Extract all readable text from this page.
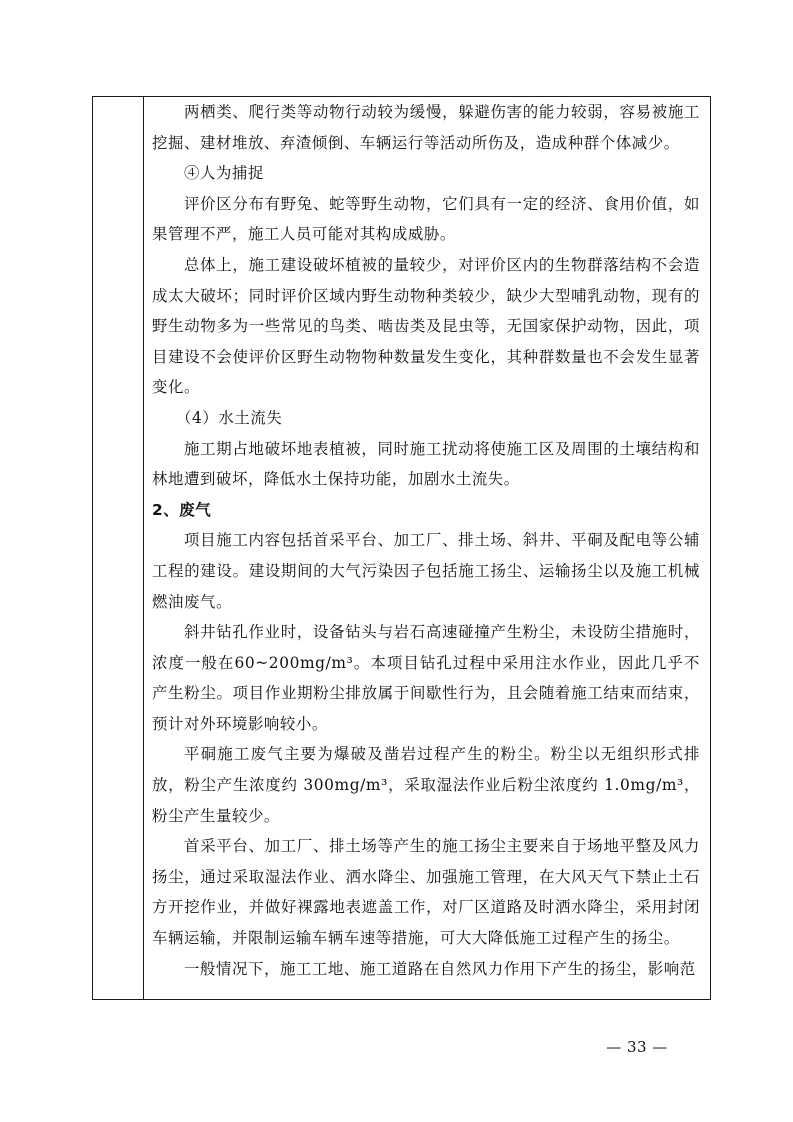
两栖类、爬行类等动物行动较为缓慢，躲避伤害的能力较弱，容易被施工挖掘、建材堆放、弃渣倾倒、车辆运行等活动所伤及，造成种群个体减少。

④人为捕捉

评价区分布有野兔、蛇等野生动物，它们具有一定的经济、食用价值，如果管理不严，施工人员可能对其构成威胁。

总体上，施工建设破坏植被的量较少，对评价区内的生物群落结构不会造成太大破坏；同时评价区域内野生动物种类较少，缺少大型哺乳动物，现有的野生动物多为一些常见的鸟类、啮齿类及昆虫等，无国家保护动物，因此，项目建设不会使评价区野生动物物种数量发生变化，其种群数量也不会发生显著变化。

（4）水土流失

施工期占地破坏地表植被，同时施工扰动将使施工区及周围的土壤结构和林地遭到破坏，降低水土保持功能，加剧水土流失。

2、废气

项目施工内容包括首采平台、加工厂、排土场、斜井、平硐及配电等公辅工程的建设。建设期间的大气污染因子包括施工扬尘、运输扬尘以及施工机械燃油废气。

斜井钻孔作业时，设备钻头与岩石高速碰撞产生粉尘，未设防尘措施时，浓度一般在60~200mg/m³。本项目钻孔过程中采用注水作业，因此几乎不产生粉尘。项目作业期粉尘排放属于间歇性行为，且会随着施工结束而结束，预计对外环境影响较小。

平硐施工废气主要为爆破及凿岩过程产生的粉尘。粉尘以无组织形式排放，粉尘产生浓度约 300mg/m³，采取湿法作业后粉尘浓度约 1.0mg/m³，粉尘产生量较少。

首采平台、加工厂、排土场等产生的施工扬尘主要来自于场地平整及风力扬尘，通过采取湿法作业、洒水降尘、加强施工管理，在大风天气下禁止土石方开挖作业，并做好裸露地表遮盖工作，对厂区道路及时洒水降尘，采用封闭车辆运输，并限制运输车辆车速等措施，可大大降低施工过程产生的扬尘。

一般情况下，施工工地、施工道路在自然风力作用下产生的扬尘，影响范

— 33 —
